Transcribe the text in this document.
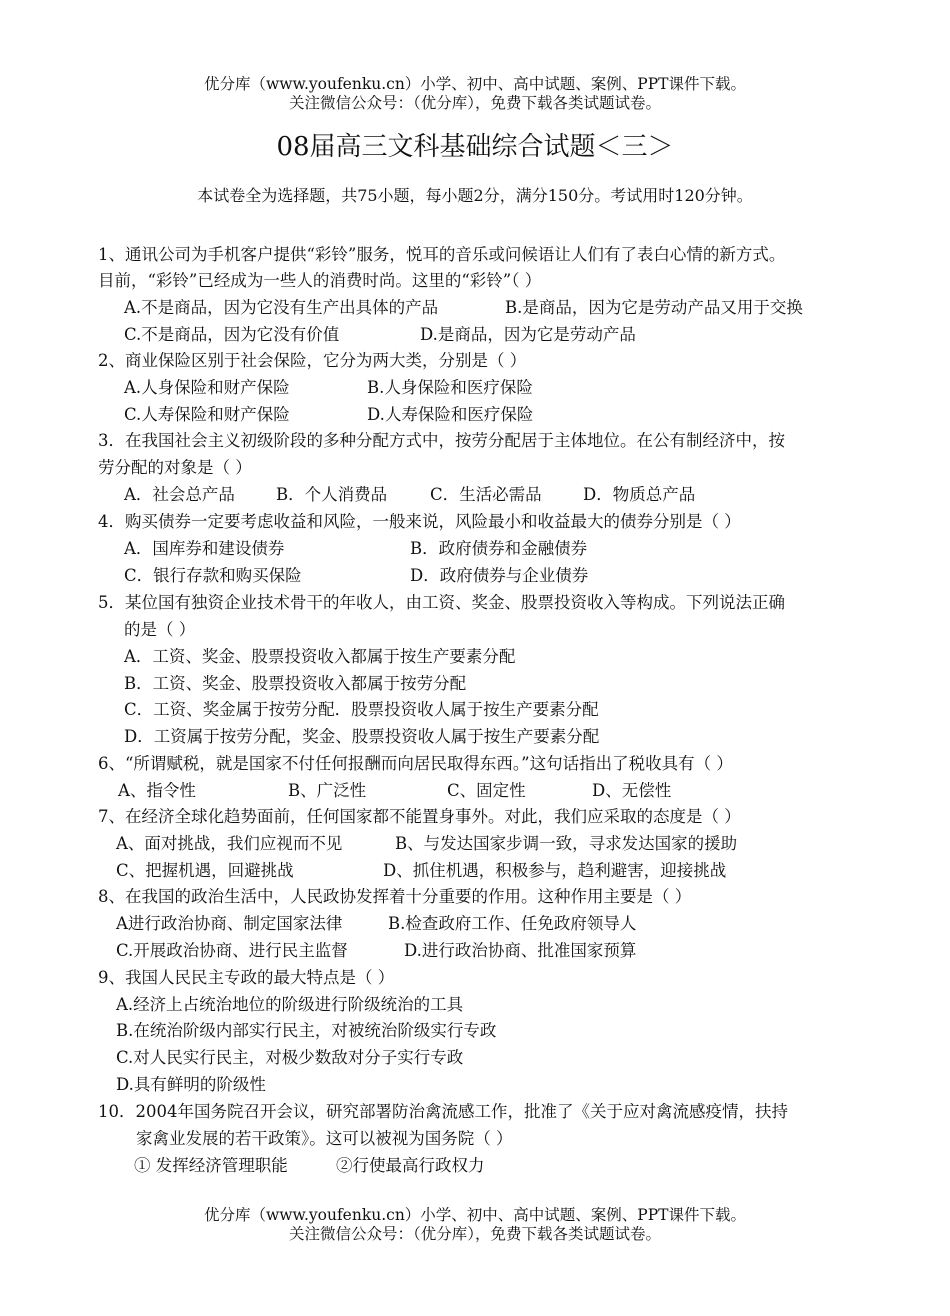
优分库（www.youfenku.cn）小学、初中、高中试题、案例、PPT课件下载。
关注微信公众号：（优分库），免费下载各类试题试卷。
08届高三文科基础综合试题＜三＞
本试卷全为选择题，共75小题，每小题2分，满分150分。考试用时120分钟。
1、通讯公司为手机客户提供“彩铃”服务，悦耳的音乐或问候语让人们有了表白心情的新方式。
目前，“彩铃”已经成为一些人的消费时尚。这里的“彩铃”（ ）
A.不是商品，因为它没有生产出具体的产品	B.是商品，因为它是劳动产品又用于交换
C.不是商品，因为它没有价值	D.是商品，因为它是劳动产品
2、商业保险区别于社会保险，它分为两大类，分别是（ ）
A.人身保险和财产保险	B.人身保险和医疗保险
C.人寿保险和财产保险	D.人寿保险和医疗保险
3．在我国社会主义初级阶段的多种分配方式中，按劳分配居于主体地位。在公有制经济中，按
劳分配的对象是（ ）
A．社会总产品 B．个人消费品	C．生活必需品	D．物质总产品
4．购买债券一定要考虑收益和风险，一般来说，风险最小和收益最大的债券分别是（ ）
A．国库券和建设债券	B．政府债券和金融债券
C．银行存款和购买保险	D．政府债券与企业债券
5．某位国有独资企业技术骨干的年收人，由工资、奖金、股票投资收入等构成。下列说法正确
的是（ ）
A．工资、奖金、股票投资收入都属于按生产要素分配
B．工资、奖金、股票投资收入都属于按劳分配
C．工资、奖金属于按劳分配．股票投资收人属于按生产要素分配
D．工资属于按劳分配，奖金、股票投资收人属于按生产要素分配
6、“所谓赋税，就是国家不付任何报酬而向居民取得东西。”这句话指出了税收具有（ ）
A、指令性	B、广泛性	C、固定性	D、无偿性
7、在经济全球化趋势面前，任何国家都不能置身事外。对此，我们应采取的态度是（ ）
A、面对挑战，我们应视而不见	B、与发达国家步调一致，寻求发达国家的援助
C、把握机遇，回避挑战	D、抓住机遇，积极参与，趋利避害，迎接挑战
8、在我国的政治生活中，人民政协发挥着十分重要的作用。这种作用主要是（ ）
A进行政治协商、制定国家法律	B.检查政府工作、任免政府领导人
C.开展政治协商、进行民主监督	D.进行政治协商、批准国家预算
9、我国人民民主专政的最大特点是（ ）
A.经济上占统治地位的阶级进行阶级统治的工具
B.在统治阶级内部实行民主，对被统治阶级实行专政
C.对人民实行民主，对极少数敌对分子实行专政
D.具有鲜明的阶级性
10．2004年国务院召开会议，研究部署防治禽流感工作，批准了《关于应对禽流感疫情，扶持
家禽业发展的若干政策》。这可以被视为国务院（ ）
① 发挥经济管理职能	②行使最高行政权力
优分库（www.youfenku.cn）小学、初中、高中试题、案例、PPT课件下载。
关注微信公众号：（优分库），免费下载各类试题试卷。
